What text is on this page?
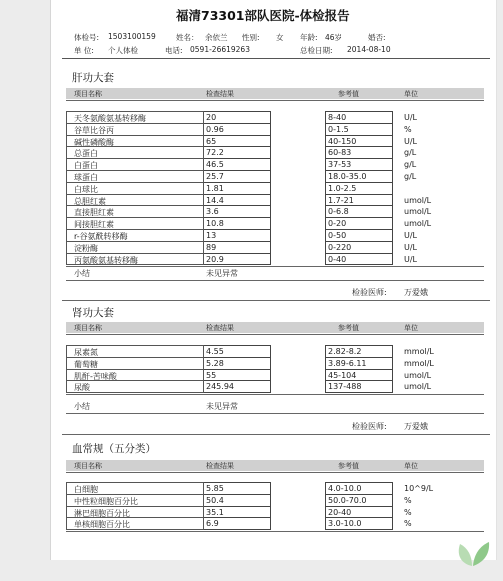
福清73301部队医院-体检报告
体检号: 1503100159	姓名： 余依兰 性别: 女 年龄: 46岁	婚否:
单 位: 个人体检	电话: 0591-26619263	总检日期: 2014-08-10
肝功大套
肾功大套
血常规（五分类）
项目名称	检查结果	参考值	单位
天冬氨酸氨基转移酶	20	8-40	U/L
谷草比谷丙	0.96	0-1.5	%
碱性磷酸酶	65	40-150	U/L
总蛋白	72.2	60-83	g/L
白蛋白	46.5	37-53	g/L
球蛋白	25.7	18.0-35.0	g/L
白球比	1.81	1.0-2.5
总胆红素	14.4	1.7-21	umol/L
直接胆红素	3.6	0-6.8	umol/L
间接胆红素	10.8	0-20	umol/L
r-谷氨酰转移酶	13	0-50	U/L
淀粉酶	89	0-220	U/L
丙氨酸氨基转移酶	20.9	0-40	U/L
小结	未见异常
检验医师: 万爱娥
项目名称	检查结果	参考值	单位
尿素氮	4.55	2.82-8.2	mmol/L
葡萄糖	5.28	3.89-6.11	mmol/L
肌酐-苦味酸	55	45-104	umol/L
尿酸	245.94	137-488	umol/L
小结	未见异常
检验医师: 万爱娥
项目名称	检查结果	参考值	单位
白细胞	5.85	4.0-10.0	10^9/L
中性粒细胞百分比	50.4	50.0-70.0	%
淋巴细胞百分比	35.1	20-40	%
单核细胞百分比	6.9	3.0-10.0	%
